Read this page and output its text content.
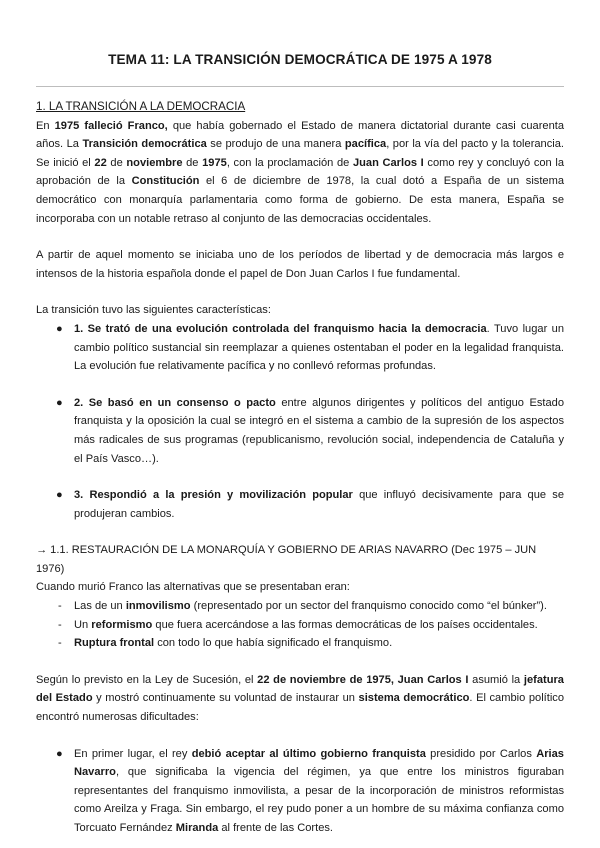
TEMA 11: LA TRANSICIÓN DEMOCRÁTICA DE 1975 A 1978

1. LA TRANSICIÓN A LA DEMOCRACIA

En 1975 falleció Franco, que había gobernado el Estado de manera dictatorial durante casi cuarenta años. La Transición democrática se produjo de una manera pacífica, por la vía del pacto y la tolerancia. Se inició el 22 de noviembre de 1975, con la proclamación de Juan Carlos I como rey y concluyó con la aprobación de la Constitución el 6 de diciembre de 1978, la cual dotó a España de un sistema democrático con monarquía parlamentaria como forma de gobierno. De esta manera, España se incorporaba con un notable retraso al conjunto de las democracias occidentales.

A partir de aquel momento se iniciaba uno de los períodos de libertad y de democracia más largos e intensos de la historia española donde el papel de Don Juan Carlos I fue fundamental.

La transición tuvo las siguientes características:

● 1. Se trató de una evolución controlada del franquismo hacia la democracia. Tuvo lugar un cambio político sustancial sin reemplazar a quienes ostentaban el poder en la legalidad franquista. La evolución fue relativamente pacífica y no conllevó reformas profundas.
● 2. Se basó en un consenso o pacto entre algunos dirigentes y políticos del antiguo Estado franquista y la oposición la cual se integró en el sistema a cambio de la supresión de los aspectos más radicales de sus programas (republicanismo, revolución social, independencia de Cataluña y el País Vasco…).
● 3. Respondió a la presión y movilización popular que influyó decisivamente para que se produjeran cambios.

→ 1.1. RESTAURACIÓN DE LA MONARQUÍA Y GOBIERNO DE ARIAS NAVARRO (Dec 1975 – JUN 1976)

Cuando murió Franco las alternativas que se presentaban eran:

- Las de un inmovilismo (representado por un sector del franquismo conocido como “el búnker”).
- Un reformismo que fuera acercándose a las formas democráticas de los países occidentales.
- Ruptura frontal con todo lo que había significado el franquismo.

Según lo previsto en la Ley de Sucesión, el 22 de noviembre de 1975, Juan Carlos I asumió la jefatura del Estado y mostró continuamente su voluntad de instaurar un sistema democrático. El cambio político encontró numerosas dificultades:

● En primer lugar, el rey debió aceptar al último gobierno franquista presidido por Carlos Arias Navarro, que significaba la vigencia del régimen, ya que entre los ministros figuraban representantes del franquismo inmovilista, a pesar de la incorporación de ministros reformistas como Areilza y Fraga. Sin embargo, el rey pudo poner a un hombre de su máxima confianza como Torcuato Fernández Miranda al frente de las Cortes.
